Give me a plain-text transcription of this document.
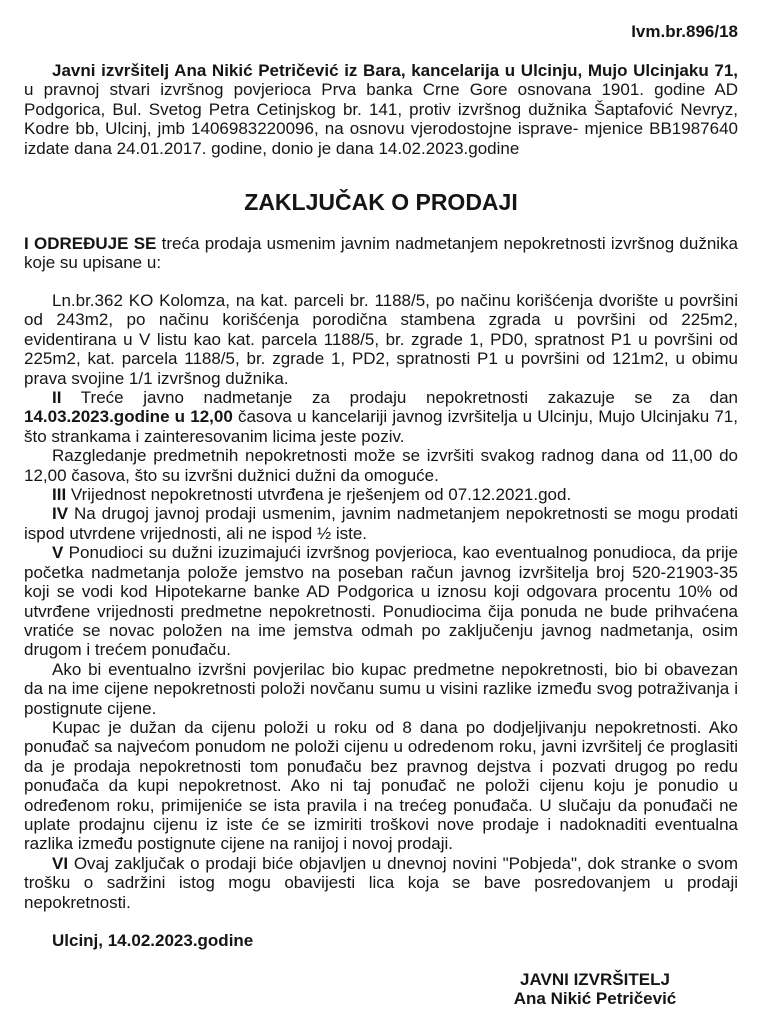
Ivm.br.896/18

Javni izvršitelj Ana Nikić Petričević iz Bara, kancelarija u Ulcinju, Mujo Ulcinjaku 71, u pravnoj stvari izvršnog povjerioca Prva banka Crne Gore osnovana 1901. godine AD Podgorica, Bul. Svetog Petra Cetinjskog br. 141, protiv izvršnog dužnika Šaptafović Nevryz, Kodre bb, Ulcinj, jmb 1406983220096, na osnovu vjerodostojne isprave- mjenice BB1987640 izdate dana 24.01.2017. godine, donio je dana 14.02.2023.godine

ZAKLJUČAK O PRODAJI

I ODREĐUJE SE treća prodaja usmenim javnim nadmetanjem nepokretnosti izvršnog dužnika koje su upisane u:

Ln.br.362 KO Kolomza, na kat. parceli br. 1188/5, po načinu korišćenja dvorište u površini od 243m2, po načinu korišćenja porodična stambena zgrada u površini od 225m2, evidentirana u V listu kao kat. parcela 1188/5, br. zgrade 1, PD0, spratnost P1 u površini od 225m2, kat. parcela 1188/5, br. zgrade 1, PD2, spratnosti P1 u površini od 121m2, u obimu prava svojine 1/1 izvršnog dužnika.

II Treće javno nadmetanje za prodaju nepokretnosti zakazuje se za dan 14.03.2023.godine u 12,00 časova u kancelariji javnog izvršitelja u Ulcinju, Mujo Ulcinjaku 71, što strankama i zainteresovanim licima jeste poziv.

Razgledanje predmetnih nepokretnosti može se izvršiti svakog radnog dana od 11,00 do 12,00 časova, što su izvršni dužnici dužni da omoguće.

III Vrijednost nepokretnosti utvrđena je rješenjem od 07.12.2021.god.

IV Na drugoj javnoj prodaji usmenim, javnim nadmetanjem nepokretnosti se mogu prodati ispod utvrdene vrijednosti, ali ne ispod ½ iste.

V Ponudioci su dužni izuzimajući izvršnog povjerioca, kao eventualnog ponudioca, da prije početka nadmetanja polože jemstvo na poseban račun javnog izvršitelja broj 520-21903-35 koji se vodi kod Hipotekarne banke AD Podgorica u iznosu koji odgovara procentu 10% od utvrđene vrijednosti predmetne nepokretnosti. Ponudiocima čija ponuda ne bude prihvaćena vratiće se novac položen na ime jemstva odmah po zaključenju javnog nadmetanja, osim drugom i trećem ponuđaču.

Ako bi eventualno izvršni povjerilac bio kupac predmetne nepokretnosti, bio bi obavezan da na ime cijene nepokretnosti položi novčanu sumu u visini razlike između svog potraživanja i postignute cijene.

Kupac je dužan da cijenu položi u roku od 8 dana po dodjeljivanju nepokretnosti. Ako ponuđač sa najvećom ponudom ne položi cijenu u odredenom roku, javni izvršitelj će proglasiti da je prodaja nepokretnosti tom ponuđaču bez pravnog dejstva i pozvati drugog po redu ponuđača da kupi nepokretnost. Ako ni taj ponuđač ne položi cijenu koju je ponudio u određenom roku, primijeniće se ista pravila i na trećeg ponuđača. U slučaju da ponuđači ne uplate prodajnu cijenu iz iste će se izmiriti troškovi nove prodaje i nadoknaditi eventualna razlika između postignute cijene na ranijoj i novoj prodaji.

VI Ovaj zaključak o prodaji biće objavljen u dnevnoj novini "Pobjeda", dok stranke o svom trošku o sadržini istog mogu obavijesti lica koja se bave posredovanjem u prodaji nepokretnosti.

Ulcinj, 14.02.2023.godine
JAVNI IZVRŠITELJ
Ana Nikić Petričević
